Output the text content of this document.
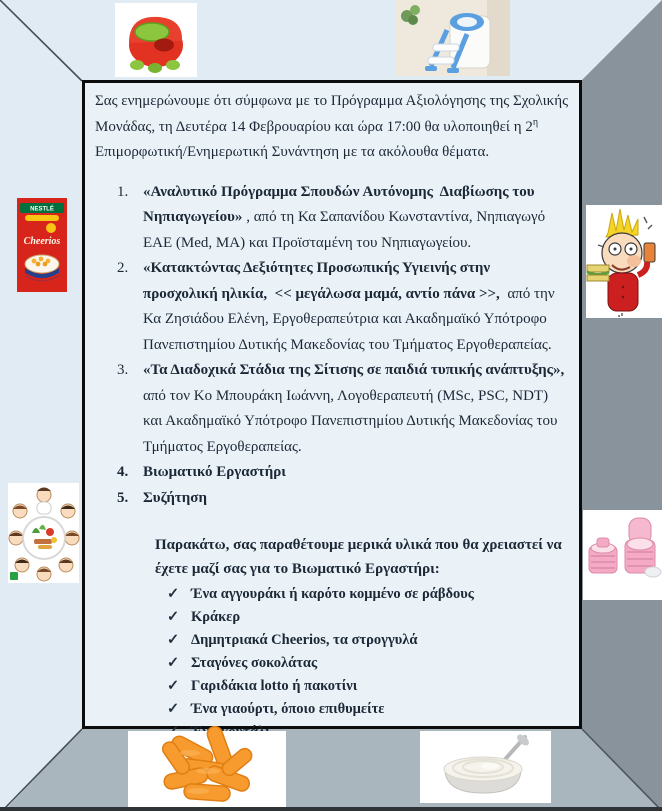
Σας ενημερώνουμε ότι σύμφωνα με το Πρόγραμμα Αξιολόγησης της Σχολικής Μονάδας, τη Δευτέρα 14 Φεβρουαρίου και ώρα 17:00 θα υλοποιηθεί η $2^\eta$ Επιμορφωτική/Ενημερωτική Συνάντηση με τα ακόλουθα θέματα.

1. «Αναλυτικό Πρόγραμμα Σπουδών Αυτόνομης  Διαβίωσης του Νηπιαγωγείου» , από τη Κα Σαπανίδου Κωνσταντίνα, Νηπιαγωγό ΕΑΕ (Med, MA) και Προϊσταμένη του Νηπιαγωγείου.
2. «Κατακτώντας Δεξιότητες Προσωπικής Υγιεινής στην προσχολική ηλικία,  << μεγάλωσα μαμά, αντίο πάνα >>,  από την Κα Ζησιάδου Ελένη, Εργοθεραπεύτρια και Ακαδημαϊκό Υπότροφο Πανεπιστημίου Δυτικής Μακεδονίας του Τμήματος Εργοθεραπείας.
3. «Τα Διαδοχικά Στάδια της Σίτισης σε παιδιά τυπικής ανάπτυξης», από τον Κο Μπουράκη Ιωάννη, Λογοθεραπευτή (MSc, PSC, NDT) και Ακαδημαϊκό Υπότροφο Πανεπιστημίου Δυτικής Μακεδονίας του Τμήματος Εργοθεραπείας.
4. Βιωματικό Εργαστήρι
5. Συζήτηση

Παρακάτω, σας παραθέτουμε μερικά υλικά που θα χρειαστεί να έχετε μαζί σας για το Βιωματικό Εργαστήρι:

✓ Ένα αγγουράκι ή καρότο κομμένο σε ράβδους
✓ Κράκερ
✓ Δημητριακά Cheerios, τα στρογγυλά
✓ Σταγόνες σοκολάτας
✓ Γαριδάκια lotto ή πακοτίνι
✓ Ένα γιαούρτι, όποιο επιθυμείτε
NESTLÉ
Cheerios
